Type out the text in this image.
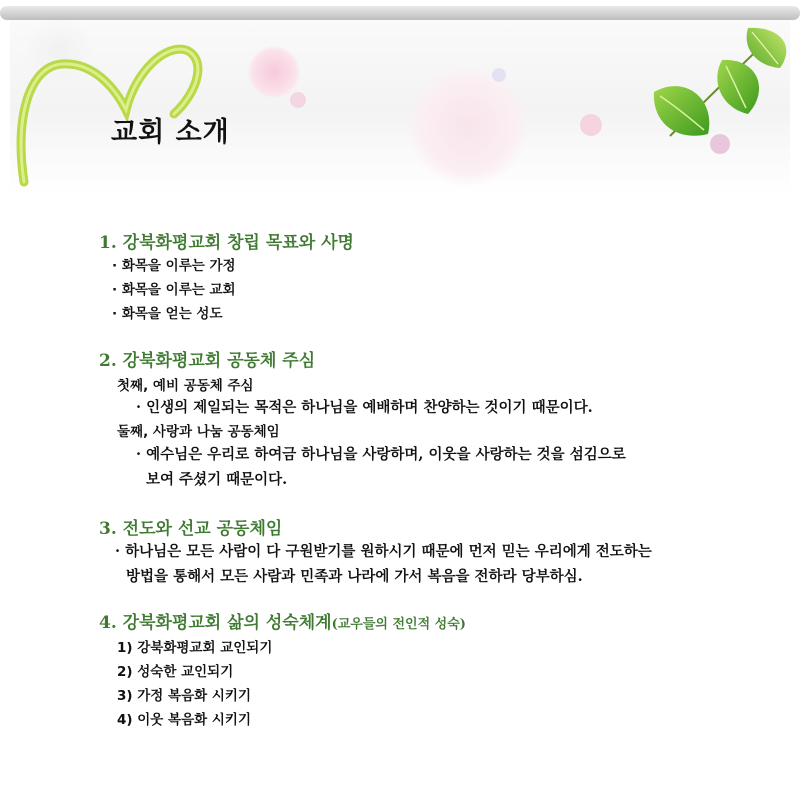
교회 소개
1. 강북화평교회 창립 목표와 사명

· 화목을 이루는 가정

· 화목을 이루는 교회

· 화목을 얻는 성도

2. 강북화평교회 공동체 주심

첫째, 예비 공동체 주심

· 인생의 제일되는 목적은 하나님을 예배하며 찬양하는 것이기 때문이다.

둘째, 사랑과 나눔 공동체임

· 예수님은 우리로 하여금 하나님을 사랑하며, 이웃을 사랑하는 것을 섬김으로

보여 주셨기 때문이다.

3. 전도와 선교 공동체임

· 하나님은 모든 사람이 다 구원받기를 원하시기 때문에 먼저 믿는 우리에게 전도하는

방법을 통해서 모든 사람과 민족과 나라에 가서 복음을 전하라 당부하심.

4. 강북화평교회 삶의 성숙체계(교우들의 전인적 성숙)

1) 강북화평교회 교인되기

2) 성숙한 교인되기

3) 가정 복음화 시키기

4) 이웃 복음화 시키기
